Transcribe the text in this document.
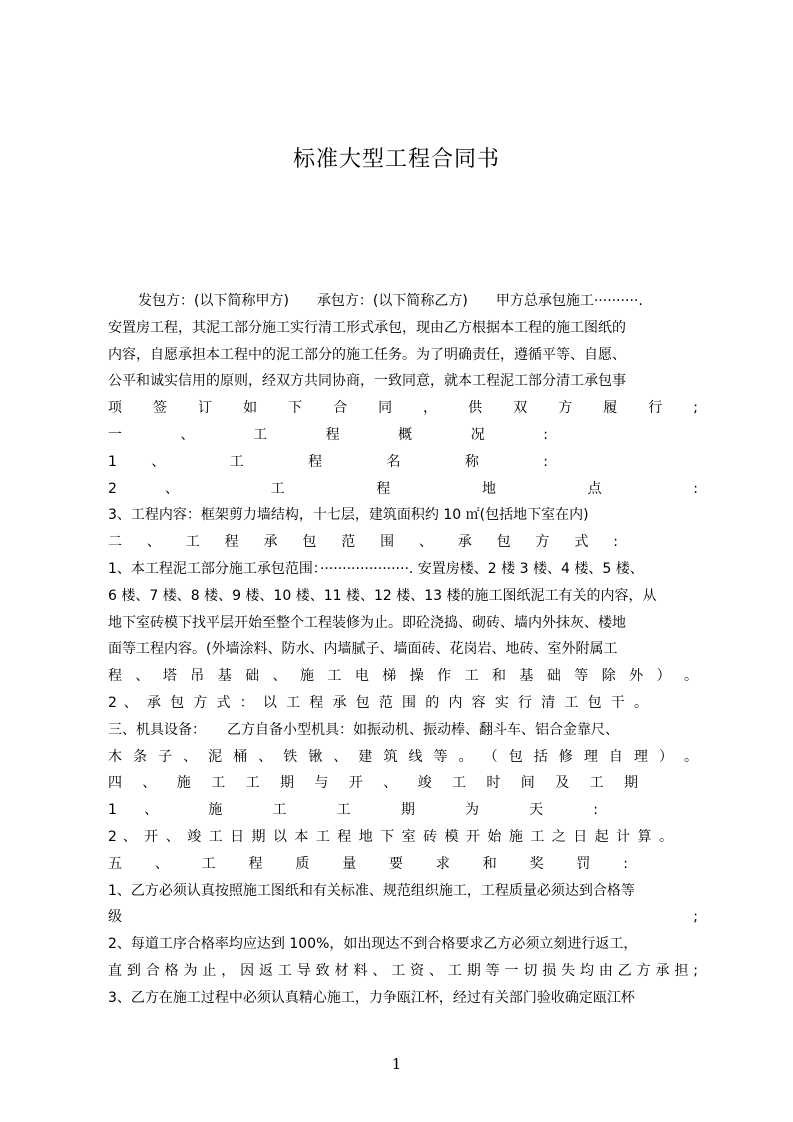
标准大型工程合同书
发包方：(以下简称甲方)　　承包方：(以下简称乙方)　　甲方总承包施工··········.
安置房工程，其泥工部分施工实行清工形式承包，现由乙方根据本工程的施工图纸的
内容，自愿承担本工程中的泥工部分的施工任务。为了明确责任，遵循平等、自愿、
公平和诚实信用的原则，经双方共同协商，一致同意，就本工程泥工部分清工承包事
项 签 订 如 下 合 同 ， 供 双 方 履 行 ;
一 、 工 程 概 况 :
1 、 工 程 名 称 :
2 、 工 程 地 点 :
3、工程内容：框架剪力墙结构，十七层，建筑面积约 10 ㎡(包括地下室在内)
二 、 工 程 承 包 范 围 、 承 包 方 式 :
1、本工程泥工部分施工承包范围：····················. 安置房楼、2 楼 3 楼、4 楼、5 楼、
6 楼、7 楼、8 楼、9 楼、10 楼、11 楼、12 楼、13 楼的施工图纸泥工有关的内容，从
地下室砖模下找平层开始至整个工程装修为止。即砼浇捣、砌砖、墙内外抹灰、楼地
面等工程内容。(外墙涂料、防水、内墙腻子、墙面砖、花岗岩、地砖、室外附属工
程 、 塔 吊 基 础 、 施 工 电 梯 操 作 工 和 基 础 等 除 外 ） 。
2 、 承 包 方 式 ： 以 工 程 承 包 范 围 的 内 容 实 行 清 工 包 干 。
三、机具设备：　　乙方自备小型机具：如振动机、振动棒、翻斗车、铝合金靠尺、
木 条 子 、 泥 桶 、 铁 锹 、 建 筑 线 等 。 （ 包 括 修 理 自 理 ） 。
四 、 施 工 工 期 与 开 、 竣 工 时 间 及 工 期
1 、 施 工 工 期 为 天 :
2 、 开 、 竣 工 日 期 以 本 工 程 地 下 室 砖 模 开 始 施 工 之 日 起 计 算 。
五 、 工 程 质 量 要 求 和 奖 罚 :
1、乙方必须认真按照施工图纸和有关标准、规范组织施工，工程质量必须达到合格等
级 ;
2、每道工序合格率均应达到 100%，如出现达不到合格要求乙方必须立刻进行返工，
直 到 合 格 为 止 ， 因 返 工 导 致 材 料 、 工 资 、 工 期 等 一 切 损 失 均 由 乙 方 承 担 ;
3、乙方在施工过程中必须认真精心施工，力争瓯江杯，经过有关部门验收确定瓯江杯
1
